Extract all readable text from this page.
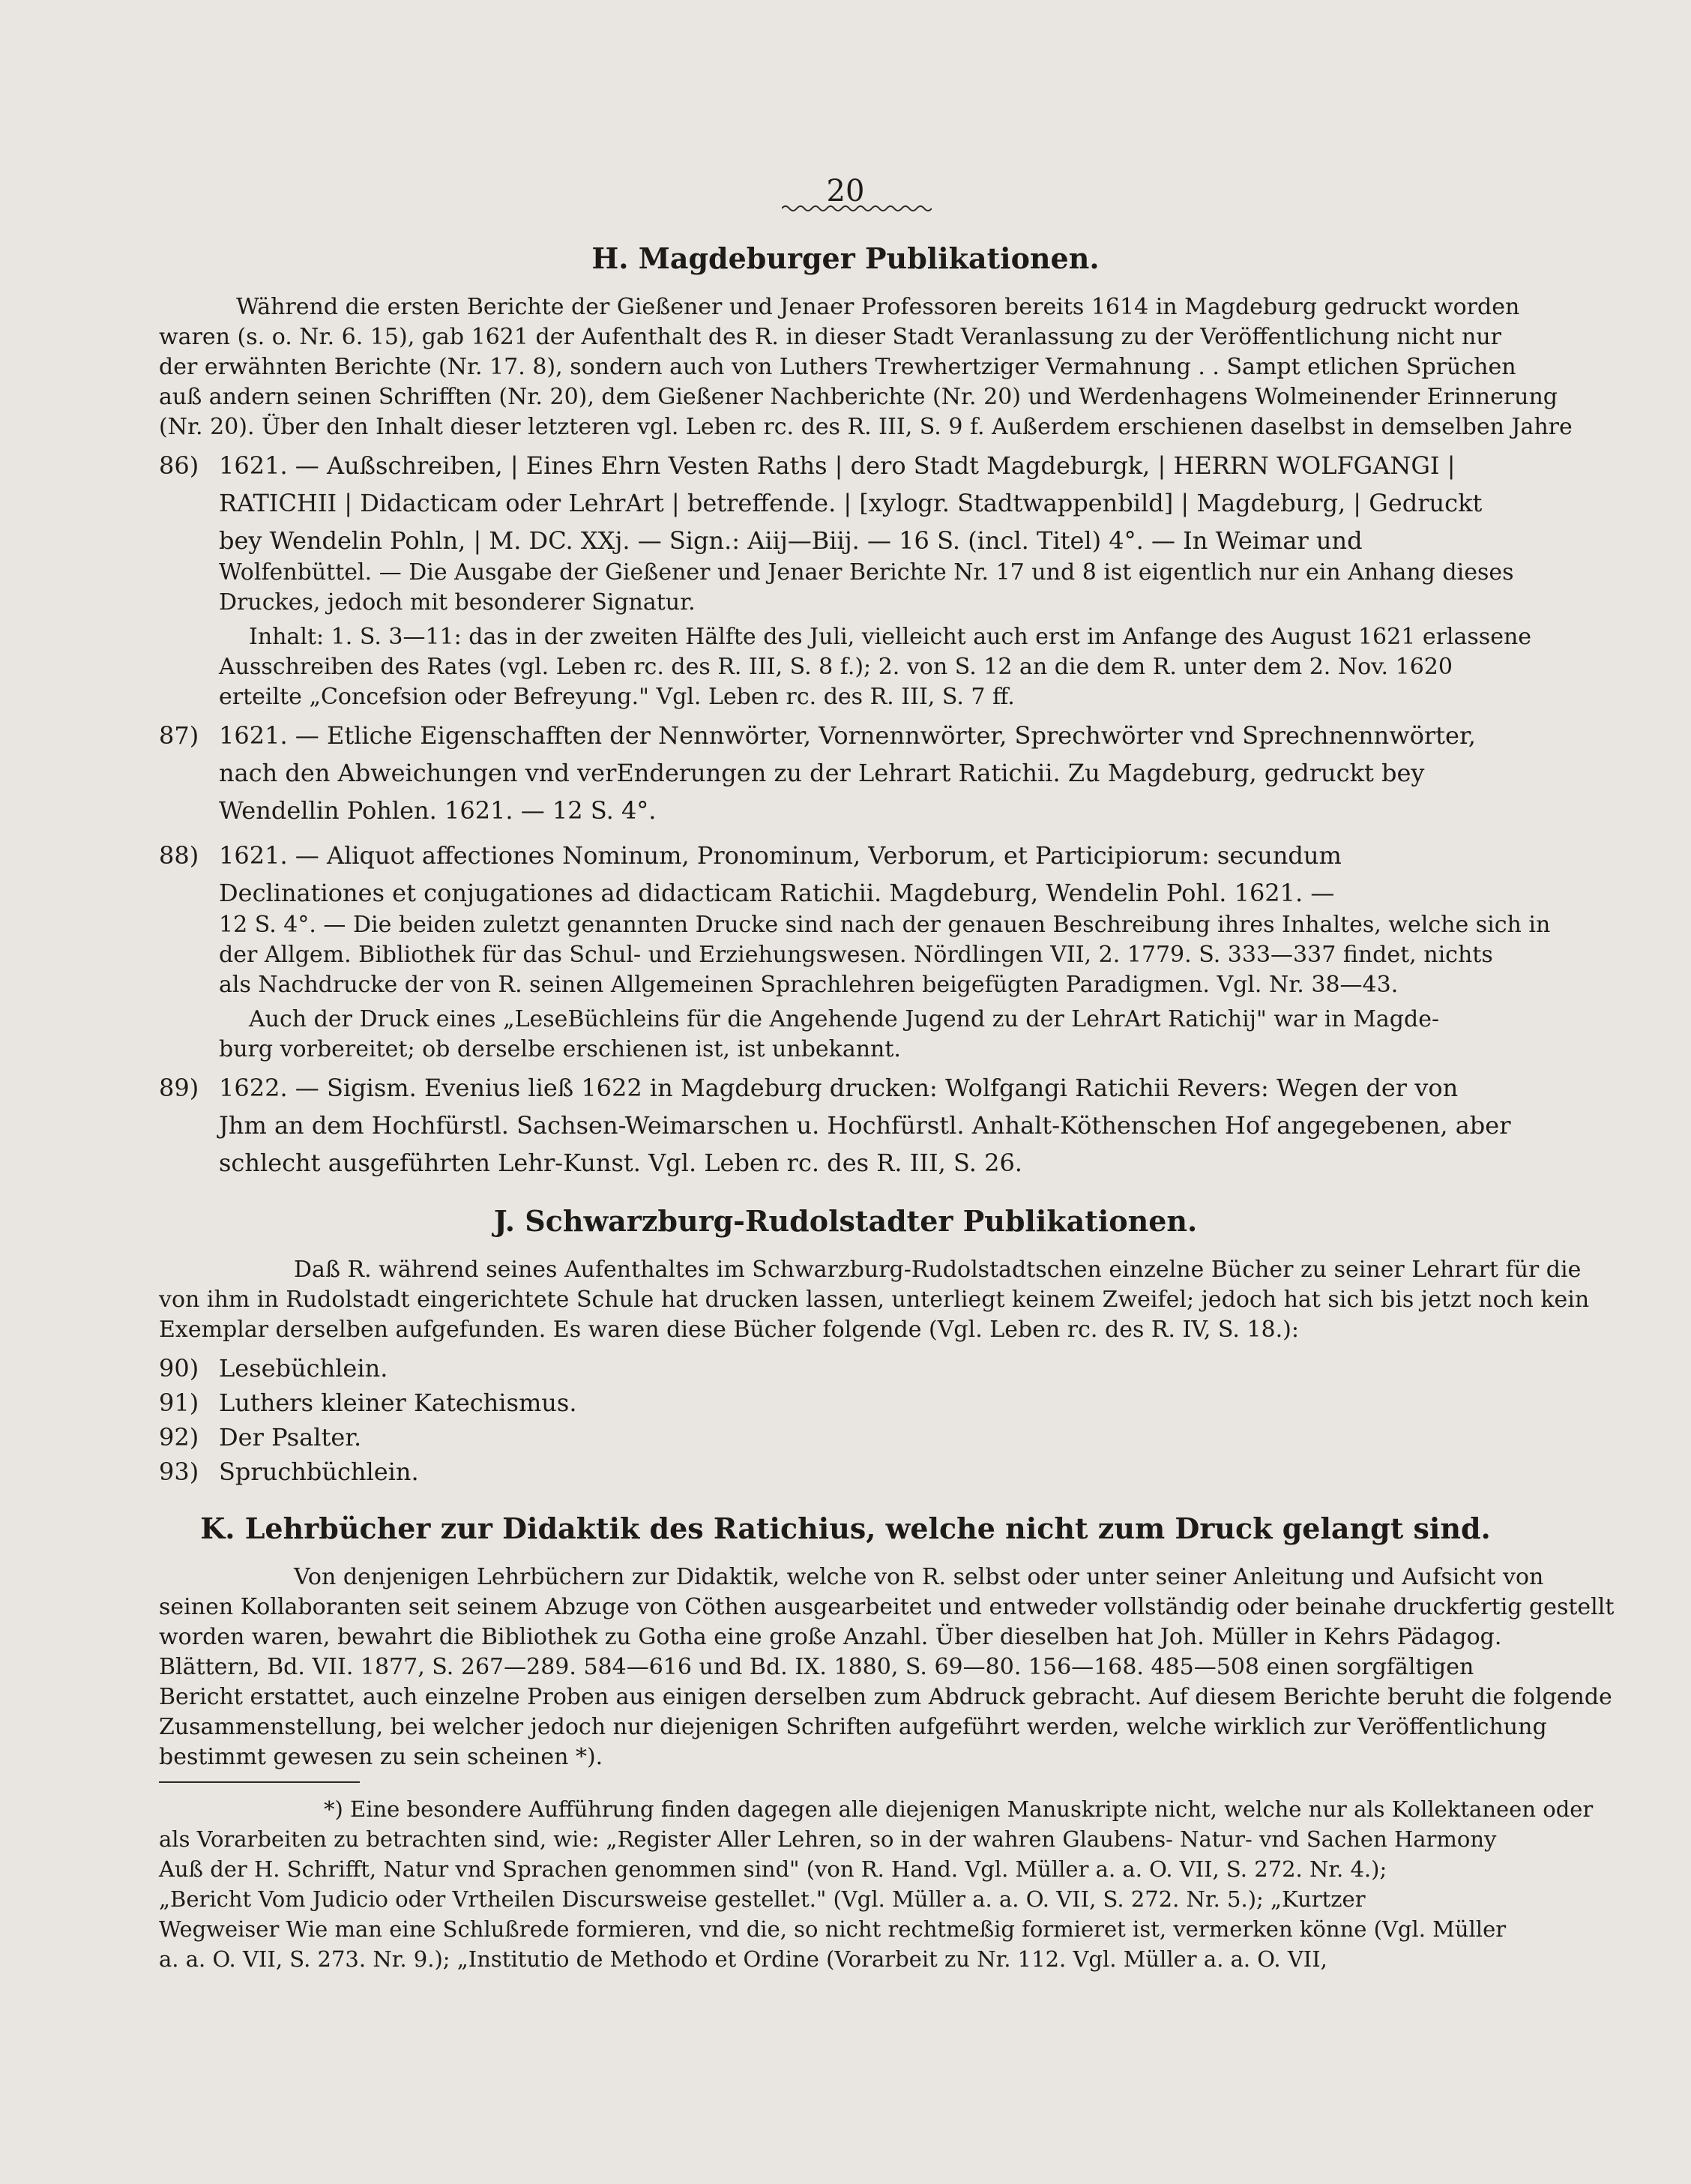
20
H. Magdeburger Publikationen.
Während die ersten Berichte der Gießener und Jenaer Professoren bereits 1614 in Magdeburg gedruckt worden
waren (s. o. Nr. 6. 15), gab 1621 der Aufenthalt des R. in dieser Stadt Veranlassung zu der Veröffentlichung nicht nur
der erwähnten Berichte (Nr. 17. 8), sondern auch von Luthers Trewhertziger Vermahnung . . Sampt etlichen Sprüchen
auß andern seinen Schrifften (Nr. 20), dem Gießener Nachberichte (Nr. 20) und Werdenhagens Wolmeinender Erinnerung
(Nr. 20). Über den Inhalt dieser letzteren vgl. Leben rc. des R. III, S. 9 f. Außerdem erschienen daselbst in demselben Jahre
86) 1621. — Außschreiben, | Eines Ehrn Vesten Raths | dero Stadt Magdeburgk, | HERRN WOLFGANGI |
RATICHII | Didacticam oder LehrArt | betreffende. | [xylogr. Stadtwappenbild] | Magdeburg, | Gedruckt
bey Wendelin Pohln, | M. DC. XXj. — Sign.: Aiij—Biij. — 16 S. (incl. Titel) 4°. — In Weimar und
Wolfenbüttel. — Die Ausgabe der Gießener und Jenaer Berichte Nr. 17 und 8 ist eigentlich nur ein Anhang dieses
Druckes, jedoch mit besonderer Signatur.
Inhalt: 1. S. 3—11: das in der zweiten Hälfte des Juli, vielleicht auch erst im Anfange des August 1621 erlassene
Ausschreiben des Rates (vgl. Leben rc. des R. III, S. 8 f.); 2. von S. 12 an die dem R. unter dem 2. Nov. 1620
erteilte „Concefsion oder Befreyung." Vgl. Leben rc. des R. III, S. 7 ff.
87) 1621. — Etliche Eigenschafften der Nennwörter, Vornennwörter, Sprechwörter vnd Sprechnennwörter,
nach den Abweichungen vnd verEnderungen zu der Lehrart Ratichii. Zu Magdeburg, gedruckt bey
Wendellin Pohlen. 1621. — 12 S. 4°.
88) 1621. — Aliquot affectiones Nominum, Pronominum, Verborum, et Participiorum: secundum
Declinationes et conjugationes ad didacticam Ratichii. Magdeburg, Wendelin Pohl. 1621. —
12 S. 4°. — Die beiden zuletzt genannten Drucke sind nach der genauen Beschreibung ihres Inhaltes, welche sich in
der Allgem. Bibliothek für das Schul- und Erziehungswesen. Nördlingen VII, 2. 1779. S. 333—337 findet, nichts
als Nachdrucke der von R. seinen Allgemeinen Sprachlehren beigefügten Paradigmen. Vgl. Nr. 38—43.
Auch der Druck eines „LeseBüchleins für die Angehende Jugend zu der LehrArt Ratichij" war in Magde-
burg vorbereitet; ob derselbe erschienen ist, ist unbekannt.
89) 1622. — Sigism. Evenius ließ 1622 in Magdeburg drucken: Wolfgangi Ratichii Revers: Wegen der von
Jhm an dem Hochfürstl. Sachsen-Weimarschen u. Hochfürstl. Anhalt-Köthenschen Hof angegebenen, aber
schlecht ausgeführten Lehr-Kunst. Vgl. Leben rc. des R. III, S. 26.
J. Schwarzburg-Rudolstadter Publikationen.
Daß R. während seines Aufenthaltes im Schwarzburg-Rudolstadtschen einzelne Bücher zu seiner Lehrart für die
von ihm in Rudolstadt eingerichtete Schule hat drucken lassen, unterliegt keinem Zweifel; jedoch hat sich bis jetzt noch kein
Exemplar derselben aufgefunden. Es waren diese Bücher folgende (Vgl. Leben rc. des R. IV, S. 18.):
90) Lesebüchlein.
91) Luthers kleiner Katechismus.
92) Der Psalter.
93) Spruchbüchlein.
K. Lehrbücher zur Didaktik des Ratichius, welche nicht zum Druck gelangt sind.
Von denjenigen Lehrbüchern zur Didaktik, welche von R. selbst oder unter seiner Anleitung und Aufsicht von
seinen Kollaboranten seit seinem Abzuge von Cöthen ausgearbeitet und entweder vollständig oder beinahe druckfertig gestellt
worden waren, bewahrt die Bibliothek zu Gotha eine große Anzahl. Über dieselben hat Joh. Müller in Kehrs Pädagog.
Blättern, Bd. VII. 1877, S. 267—289. 584—616 und Bd. IX. 1880, S. 69—80. 156—168. 485—508 einen sorgfältigen
Bericht erstattet, auch einzelne Proben aus einigen derselben zum Abdruck gebracht. Auf diesem Berichte beruht die folgende
Zusammenstellung, bei welcher jedoch nur diejenigen Schriften aufgeführt werden, welche wirklich zur Veröffentlichung
bestimmt gewesen zu sein scheinen *).
*) Eine besondere Aufführung finden dagegen alle diejenigen Manuskripte nicht, welche nur als Kollektaneen oder
als Vorarbeiten zu betrachten sind, wie: „Register Aller Lehren, so in der wahren Glaubens- Natur- vnd Sachen Harmony
Auß der H. Schrifft, Natur vnd Sprachen genommen sind" (von R. Hand. Vgl. Müller a. a. O. VII, S. 272. Nr. 4.);
„Bericht Vom Judicio oder Vrtheilen Discursweise gestellet." (Vgl. Müller a. a. O. VII, S. 272. Nr. 5.); „Kurtzer
Wegweiser Wie man eine Schlußrede formieren, vnd die, so nicht rechtmeßig formieret ist, vermerken könne (Vgl. Müller
a. a. O. VII, S. 273. Nr. 9.); „Institutio de Methodo et Ordine (Vorarbeit zu Nr. 112. Vgl. Müller a. a. O. VII,
